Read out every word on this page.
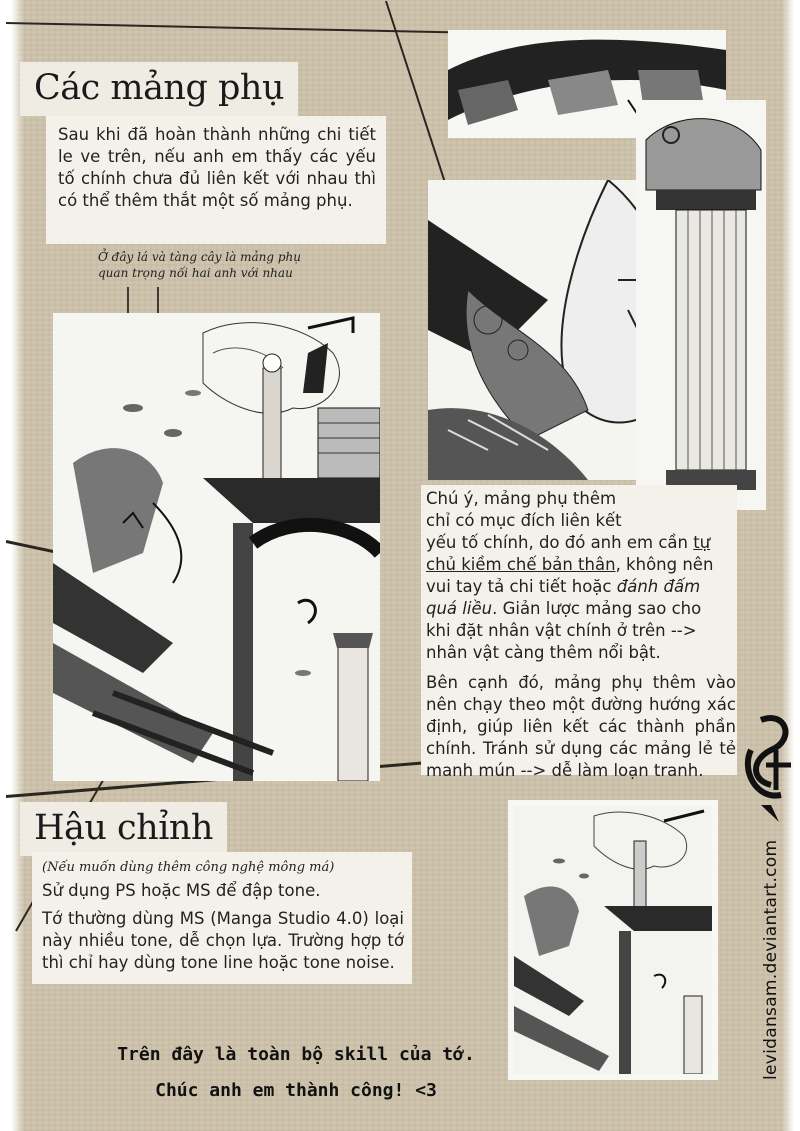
Các mảng phụ
Sau khi đã hoàn thành những chi tiết le ve trên, nếu anh em thấy các yếu tố chính chưa đủ liên kết với nhau thì có thể thêm thắt một số mảng phụ.
Ở đây lá và tàng cây là mảng phụ
quan trọng nối hai anh với nhau
Chú ý, mảng phụ thêm
chỉ có mục đích liên kết
yếu tố chính, do đó anh em cần tự
chủ kiềm chế bản thân, không nên
vui tay tả chi tiết hoặc đánh đấm
quá liều. Giản lược mảng sao cho
khi đặt nhân vật chính ở trên -->
nhân vật càng thêm nổi bật.
Bên cạnh đó, mảng phụ thêm vào nên chạy theo một đường hướng xác định, giúp liên kết các thành phần chính. Tránh sử dụng các mảng lẻ tẻ manh mún --> dễ làm loạn tranh.
Hậu chỉnh
(Nếu muốn dùng thêm công nghệ mông má)
Sử dụng PS hoặc MS để đập tone.
Tớ thường dùng MS (Manga Studio 4.0) loại này nhiều tone, dễ chọn lựa. Trường hợp tớ thì chỉ hay dùng tone line hoặc tone noise.
Trên đây là toàn bộ skill của tớ.
Chúc anh em thành công! <3
levidansam.deviantart.com
